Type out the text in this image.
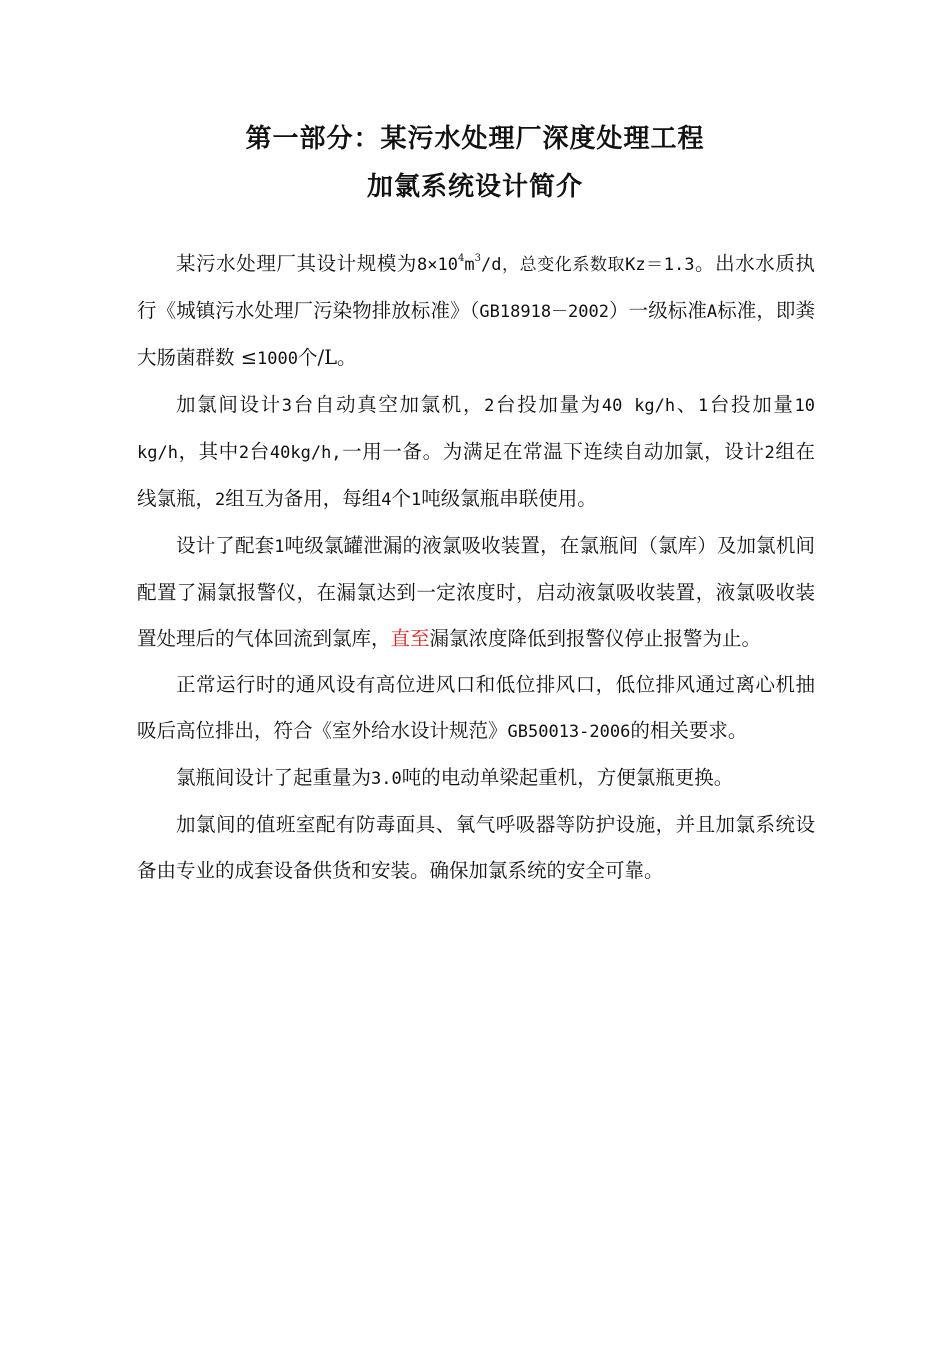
第一部分：某污水处理厂深度处理工程
加氯系统设计简介

某污水处理厂其设计规模为$8\times 10^4m^3/d$，总变化系数取Kz＝1.3。出水水质执行《城镇污水处理厂污染物排放标准》（GB18918－2002）一级标准A标准，即粪大肠菌群数 ≤1000个/L。

加氯间设计3台自动真空加氯机，2台投加量为40 kg/h、1台投加量10 kg/h，其中2台40kg/h,一用一备。为满足在常温下连续自动加氯，设计2组在线氯瓶，2组互为备用，每组4个1吨级氯瓶串联使用。

设计了配套1吨级氯罐泄漏的液氯吸收装置，在氯瓶间（氯库）及加氯机间配置了漏氯报警仪，在漏氯达到一定浓度时，启动液氯吸收装置，液氯吸收装置处理后的气体回流到氯库，直至漏氯浓度降低到报警仪停止报警为止。

正常运行时的通风设有高位进风口和低位排风口，低位排风通过离心机抽吸后高位排出，符合《室外给水设计规范》GB50013-2006的相关要求。

氯瓶间设计了起重量为3.0吨的电动单梁起重机，方便氯瓶更换。

加氯间的值班室配有防毒面具、氧气呼吸器等防护设施，并且加氯系统设备由专业的成套设备供货和安装。确保加氯系统的安全可靠。
